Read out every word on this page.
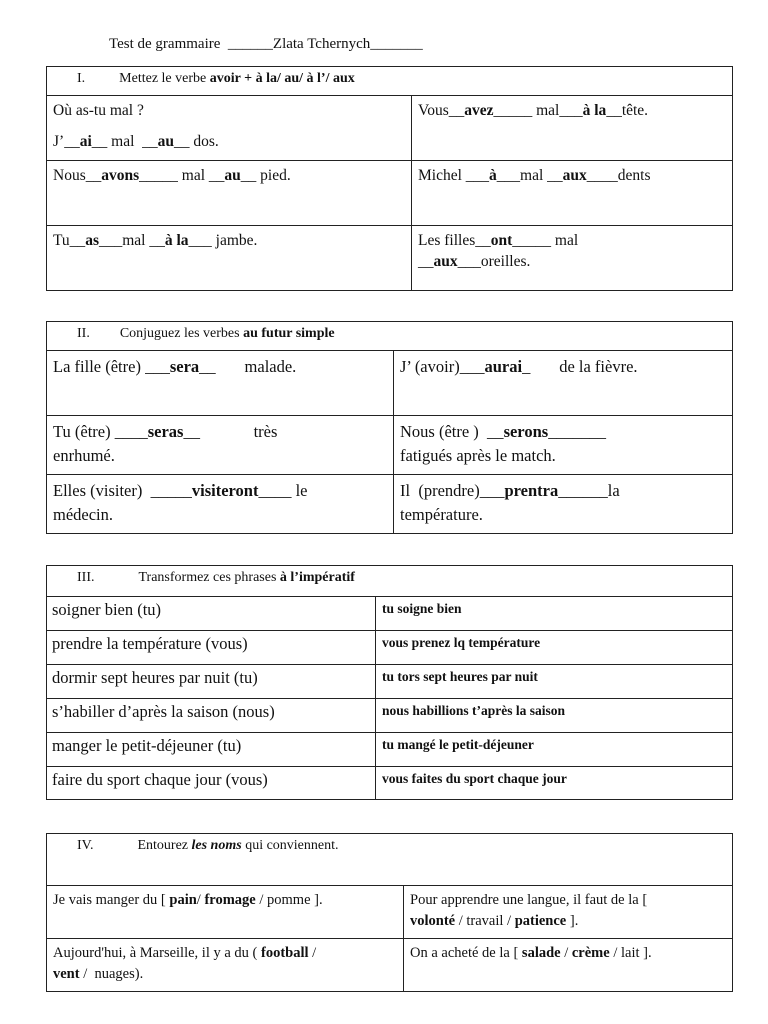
Test de grammaire  ______Zlata Tchernych_______
I. Mettez le verbe avoir + à la/ au/ à l’/ aux	

Où as-tu mal ?
J’__ai__ mal  __au__ dos.	Vous__avez_____ mal___à la__tête.
Nous__avons_____ mal __au__ pied.	Michel ___à___mal __aux____dents
Tu__as___mal __à la___ jambe.	Les filles__ont_____ mal
__aux___oreilles.
II. Conjuguez les verbes au futur simple	
La fille (être) ___sera__       malade.	J’ (avoir)___aurai_       de la fièvre.
Tu (être) ____seras__             très
enrhumé.	Nous (être )  __serons_______
fatigués après le match.
Elles (visiter)  _____visiteront____ le
médecin.	Il  (prendre)___prentra______la
température.
III. Transformez ces phrases à l’impératif	
soigner bien (tu)	tu soigne bien
prendre la température (vous)	vous prenez lq température
dormir sept heures par nuit (tu)	tu tors sept heures par nuit
s’habiller d’après la saison (nous)	nous habillions t’après la saison
manger le petit-déjeuner (tu)	tu mangé le petit-déjeuner
faire du sport chaque jour (vous)	vous faites du sport chaque jour
IV. Entourez les noms qui conviennent.	
Je vais manger du [ pain/ fromage / pomme ].	Pour apprendre une langue, il faut de la [
volonté / travail / patience ].
Aujourd'hui, à Marseille, il y a du ( football /
vent /  nuages).	On a acheté de la [ salade / crème / lait ].
